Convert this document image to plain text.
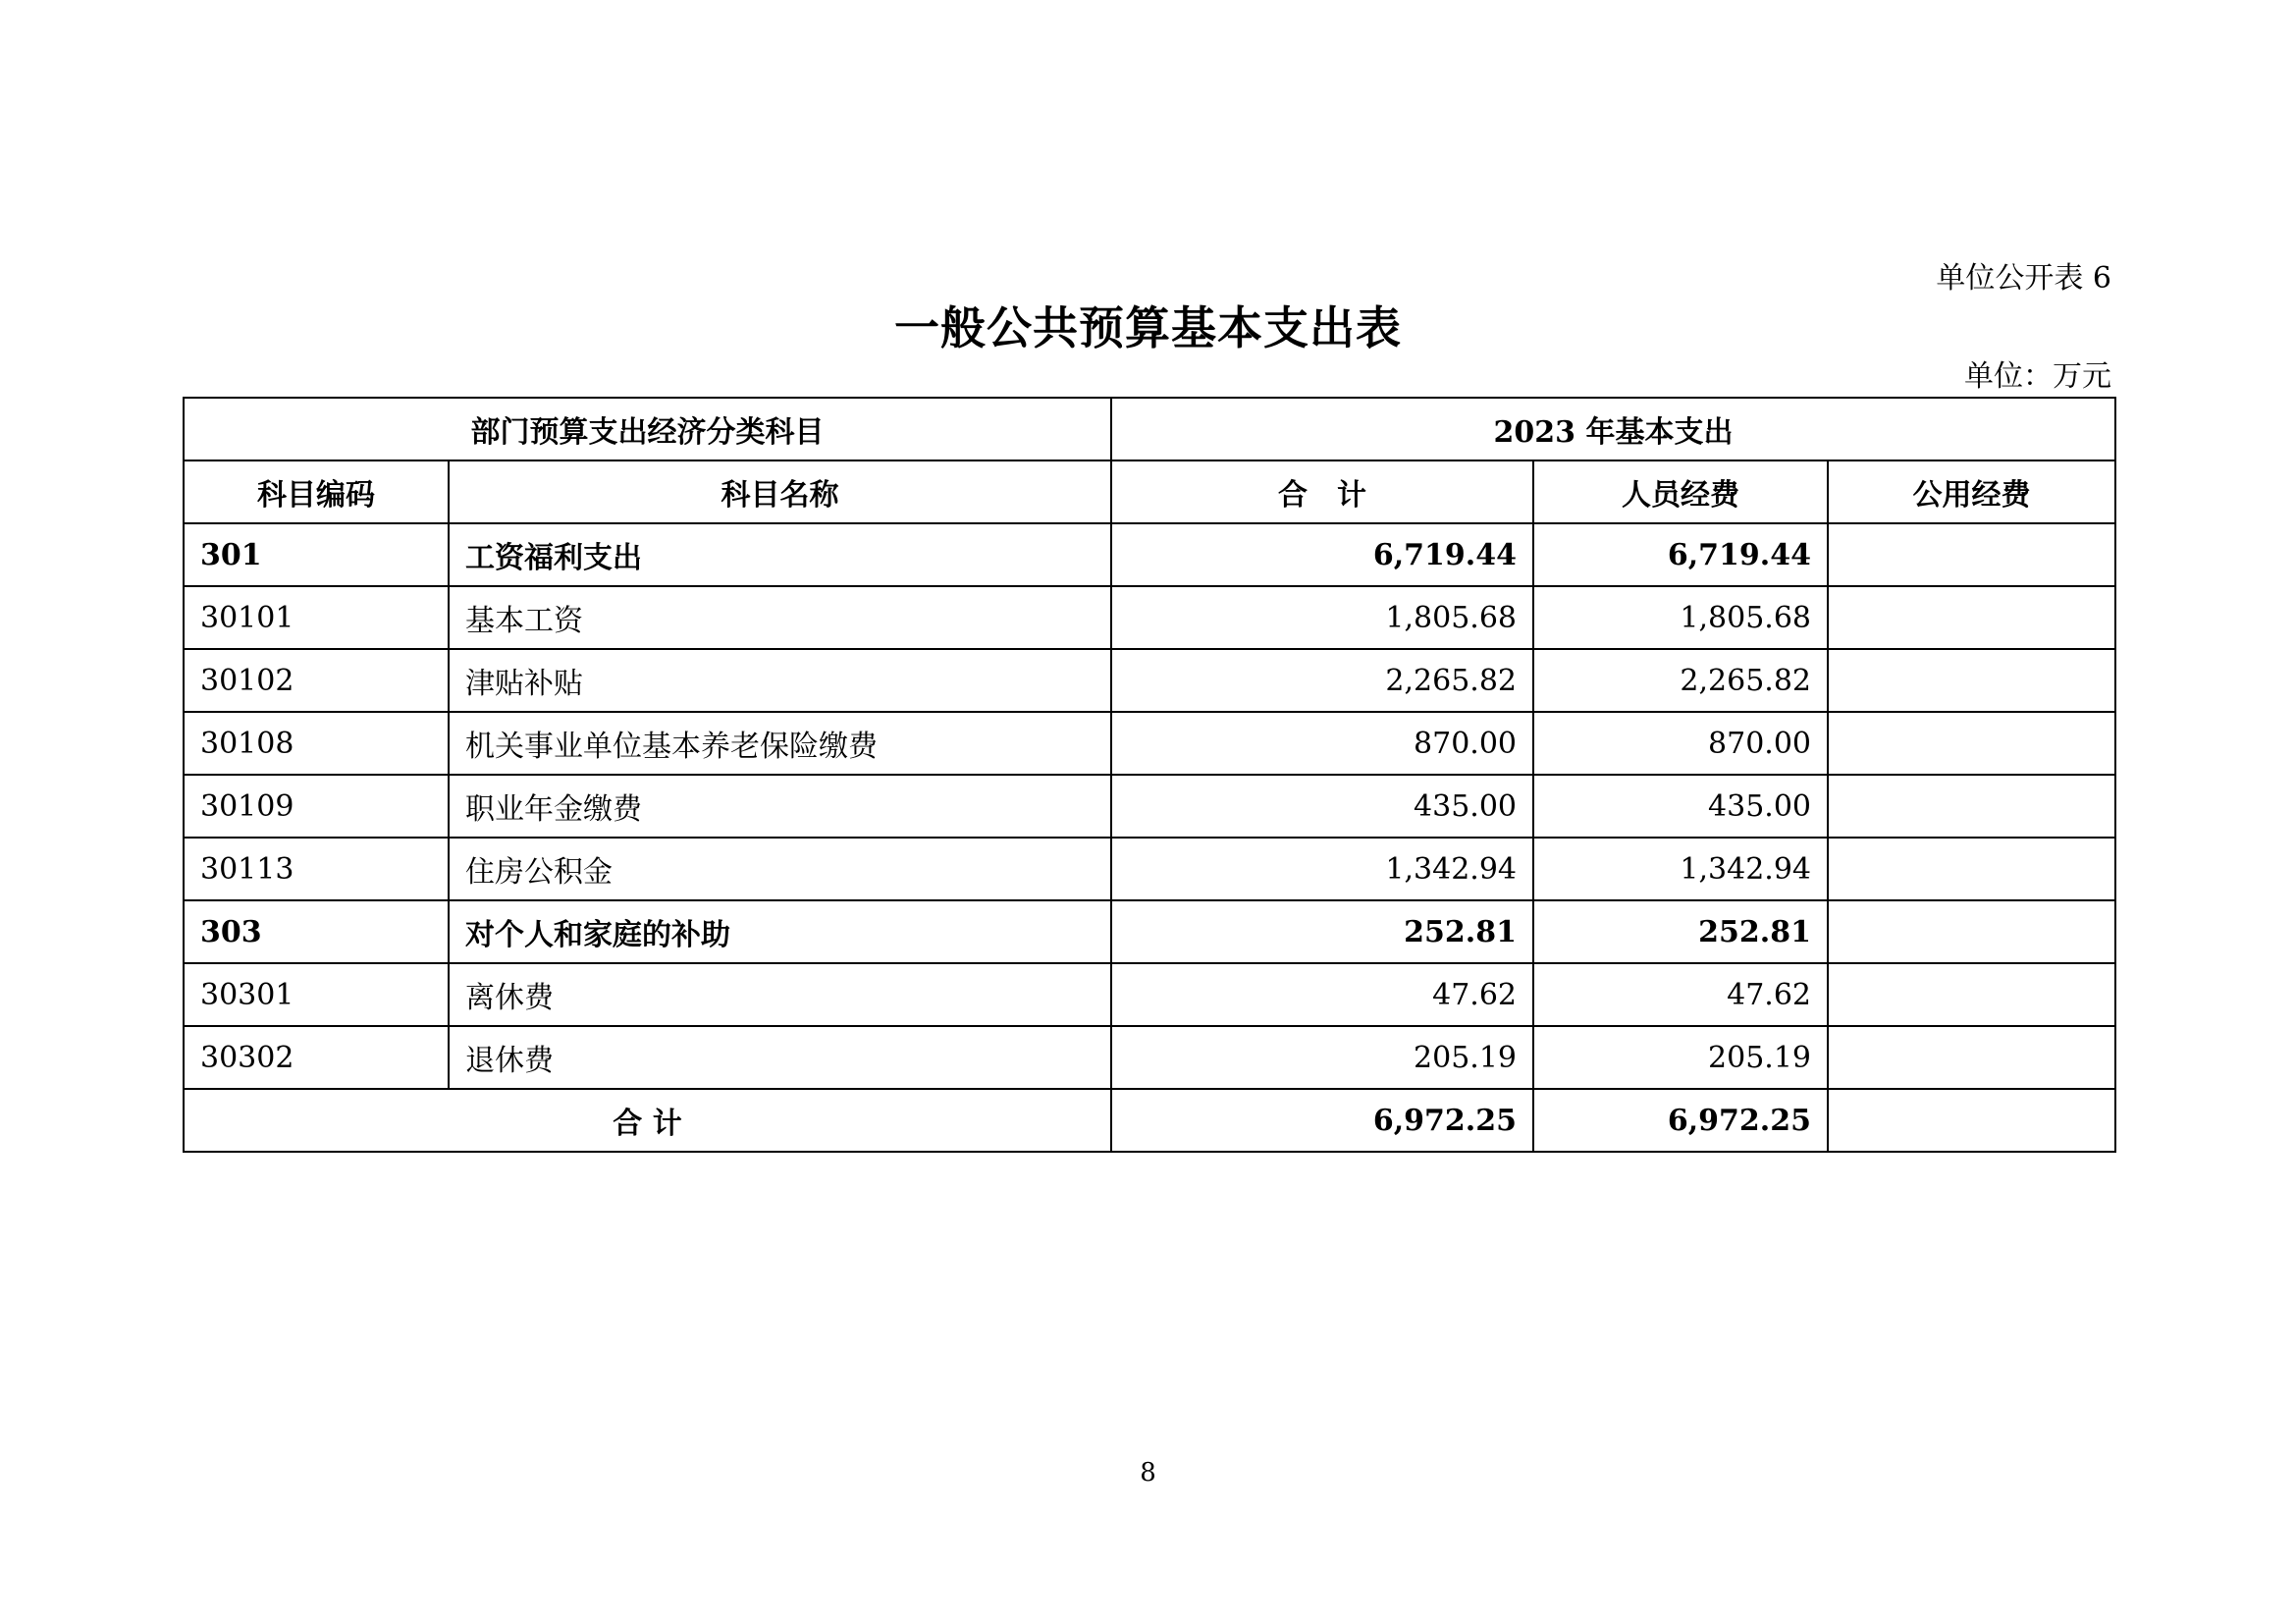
单位公开表 6
一般公共预算基本支出表
单位：万元
部门预算支出经济分类科目		2023 年基本支出		
科目编码	科目名称	合　计	人员经费	公用经费
301	工资福利支出	6,719.44	6,719.44	
30101	基本工资	1,805.68	1,805.68	
30102	津贴补贴	2,265.82	2,265.82	
30108	机关事业单位基本养老保险缴费	870.00	870.00	
30109	职业年金缴费	435.00	435.00	
30113	住房公积金	1,342.94	1,342.94	
303	对个人和家庭的补助	252.81	252.81	
30301	离休费	47.62	47.62	
30302	退休费	205.19	205.19	
合 计		6,972.25	6,972.25	
8
